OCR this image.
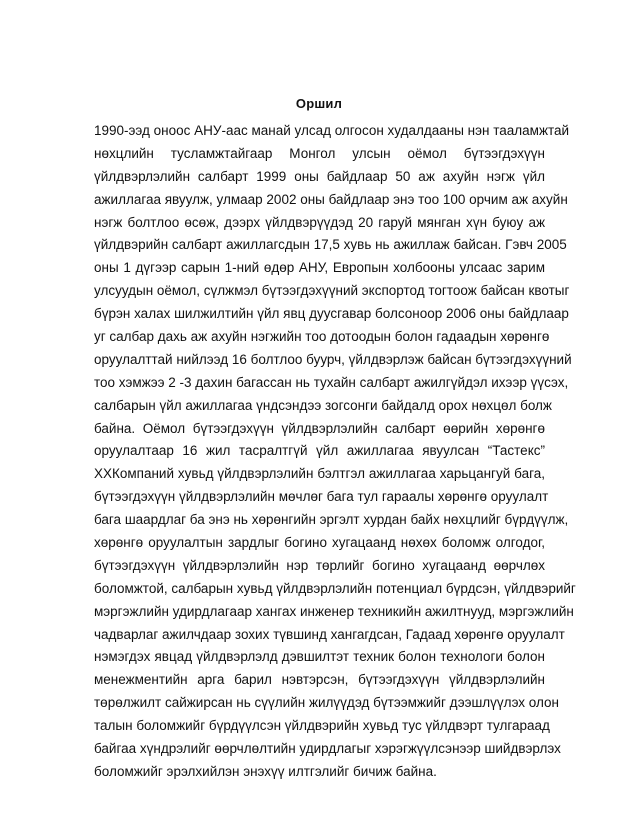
Оршил
1990-ээд оноос АНУ-аас манай улсад олгосон худалдааны нэн тааламжтай
нөхцлийн тусламжтайгаар Монгол улсын оёмол бүтээгдэхүүн
үйлдвэрлэлийн салбарт 1999 оны байдлаар 50 аж ахуйн нэгж үйл
ажиллагаа явуулж, улмаар 2002 оны байдлаар энэ тоо 100 орчим аж ахуйн
нэгж болтлоо өсөж, дээрх үйлдвэрүүдэд 20 гаруй мянган хүн буюу аж
үйлдвэрийн салбарт ажиллагсдын 17,5 хувь нь ажиллаж байсан. Гэвч 2005
оны 1 дүгээр сарын 1-ний өдөр АНУ, Европын холбооны улсаас зарим
улсуудын оёмол, сүлжмэл бүтээгдэхүүний экспортод тогтоож байсан квотыг
бүрэн халах шилжилтийн үйл явц дуусгавар болсоноор 2006 оны байдлаар
уг салбар дахь аж ахуйн нэгжийн тоо дотоодын болон гадаадын хөрөнгө
оруулалттай нийлээд 16 болтлоо буурч, үйлдвэрлэж байсан бүтээгдэхүүний
тоо хэмжээ 2 -3 дахин багассан нь тухайн салбарт ажилгүйдэл ихээр үүсэх,
салбарын үйл ажиллагаа үндсэндээ зогсонги байдалд орох нөхцөл болж
байна. Оёмол бүтээгдэхүүн үйлдвэрлэлийн салбарт өөрийн хөрөнгө
оруулалтаар 16 жил тасралтгүй үйл ажиллагаа явуулсан “Тастекс”
ХХКомпаний хувьд үйлдвэрлэлийн бэлтгэл ажиллагаа харьцангуй бага,
бүтээгдэхүүн үйлдвэрлэлийн мөчлөг бага тул гараалы хөрөнгө оруулалт
бага шаардлаг ба энэ нь хөрөнгийн эргэлт хурдан байх нөхцлийг бүрдүүлж,
хөрөнгө оруулалтын зардлыг богино хугацаанд нөхөх боломж олгодог,
бүтээгдэхүүн үйлдвэрлэлийн нэр төрлийг богино хугацаанд өөрчлөх
боломжтой, салбарын хувьд үйлдвэрлэлийн потенциал бүрдсэн, үйлдвэрийг
мэргэжлийн удирдлагаар хангах инженер техникийн ажилтнууд, мэргэжлийн
чадварлаг ажилчдаар зохих түвшинд хангагдсан, Гадаад хөрөнгө оруулалт
нэмэгдэх явцад үйлдвэрлэлд дэвшилтэт техник болон технологи болон
менежментийн арга барил нэвтэрсэн, бүтээгдэхүүн үйлдвэрлэлийн
төрөлжилт сайжирсан нь сүүлийн жилүүдэд бүтээмжийг дээшлүүлэх олон
талын боломжийг бүрдүүлсэн үйлдвэрийн хувьд тус үйлдвэрт тулгараад
байгаа хүндрэлийг өөрчлөлтийн удирдлагыг хэрэгжүүлсэнээр шийдвэрлэх
боломжийг эрэлхийлэн энэхүү илтгэлийг бичиж байна.
